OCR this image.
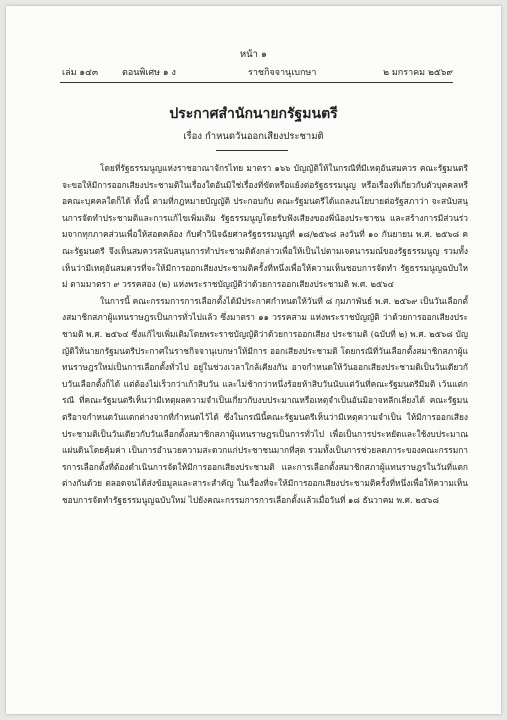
หน้า ๑
เล่ม ๑๔๓	ตอนพิเศษ ๑ ง	ราชกิจจานุเบกษา	๒ มกราคม ๒๕๖๙
ประกาศสำนักนายกรัฐมนตรี
เรื่อง กำหนดวันออกเสียงประชามติ

โดยที่รัฐธรรมนูญแห่งราชอาณาจักรไทย มาตรา ๑๖๖ บัญญัติให้ในกรณีที่มีเหตุอันสมควร คณะรัฐมนตรีจะขอให้มีการออกเสียงประชามติในเรื่องใดอันมิใช่เรื่องที่ขัดหรือแย้งต่อรัฐธรรมนูญ หรือเรื่องที่เกี่ยวกับตัวบุคคลหรือคณะบุคคลใดก็ได้ ทั้งนี้ ตามที่กฎหมายบัญญัติ ประกอบกับ คณะรัฐมนตรีได้แถลงนโยบายต่อรัฐสภาว่า จะสนับสนุนการจัดทำประชามติและการแก้ไขเพิ่มเติม รัฐธรรมนูญโดยรับฟังเสียงของพี่น้องประชาชน และสร้างการมีส่วนร่วมจากทุกภาคส่วนเพื่อให้สอดคล้อง กับคำวินิจฉัยศาลรัฐธรรมนูญที่ ๑๘/๒๕๖๘ ลงวันที่ ๑๐ กันยายน พ.ศ. ๒๕๖๘ คณะรัฐมนตรี จึงเห็นสมควรสนับสนุนการทำประชามติดังกล่าวเพื่อให้เป็นไปตามเจตนารมณ์ของรัฐธรรมนูญ รวมทั้ง เห็นว่ามีเหตุอันสมควรที่จะให้มีการออกเสียงประชามติครั้งที่หนึ่งเพื่อให้ความเห็นชอบการจัดทำ รัฐธรรมนูญฉบับใหม่ ตามมาตรา ๙ วรรคสอง (๒) แห่งพระราชบัญญัติว่าด้วยการออกเสียงประชามติ พ.ศ. ๒๕๖๔

ในการนี้ คณะกรรมการการเลือกตั้งได้มีประกาศกำหนดให้วันที่ ๘ กุมภาพันธ์ พ.ศ. ๒๕๖๙ เป็นวันเลือกตั้งสมาชิกสภาผู้แทนราษฎรเป็นการทั่วไปแล้ว ซึ่งมาตรา ๑๑ วรรคสาม แห่งพระราชบัญญัติ ว่าด้วยการออกเสียงประชามติ พ.ศ. ๒๕๖๔ ซึ่งแก้ไขเพิ่มเติมโดยพระราชบัญญัติว่าด้วยการออกเสียง ประชามติ (ฉบับที่ ๒) พ.ศ. ๒๕๖๘ บัญญัติให้นายกรัฐมนตรีประกาศในราชกิจจานุเบกษาให้มีการ ออกเสียงประชามติ โดยกรณีที่วันเลือกตั้งสมาชิกสภาผู้แทนราษฎรใหม่เป็นการเลือกตั้งทั่วไป อยู่ในช่วงเวลาใกล้เคียงกัน อาจกำหนดให้วันออกเสียงประชามติเป็นวันเดียวกับวันเลือกตั้งก็ได้ แต่ต้องไม่เร็วกว่าเก้าสิบวัน และไม่ช้ากว่าหนึ่งร้อยห้าสิบวันนับแต่วันที่คณะรัฐมนตรีมีมติ เว้นแต่กรณี ที่คณะรัฐมนตรีเห็นว่ามีเหตุผลความจำเป็นเกี่ยวกับงบประมาณหรือเหตุจำเป็นอันมิอาจหลีกเลี่ยงได้ คณะรัฐมนตรีอาจกำหนดวันแตกต่างจากที่กำหนดไว้ได้ ซึ่งในกรณีนี้คณะรัฐมนตรีเห็นว่ามีเหตุความจำเป็น ให้มีการออกเสียงประชามติเป็นวันเดียวกับวันเลือกตั้งสมาชิกสภาผู้แทนราษฎรเป็นการทั่วไป เพื่อเป็นการประหยัดและใช้งบประมาณแผ่นดินโดยคุ้มค่า เป็นการอำนวยความสะดวกแก่ประชาชนมากที่สุด รวมทั้งเป็นการช่วยลดภาระของคณะกรรมการการเลือกตั้งที่ต้องดำเนินการจัดให้มีการออกเสียงประชามติ และการเลือกตั้งสมาชิกสภาผู้แทนราษฎรในวันที่แตกต่างกันด้วย ตลอดจนได้ส่งข้อมูลและสาระสำคัญ ในเรื่องที่จะให้มีการออกเสียงประชามติครั้งที่หนึ่งเพื่อให้ความเห็นชอบการจัดทำรัฐธรรมนูญฉบับใหม่ ไปยังคณะกรรมการการเลือกตั้งแล้วเมื่อวันที่ ๑๘ ธันวาคม พ.ศ. ๒๕๖๘
